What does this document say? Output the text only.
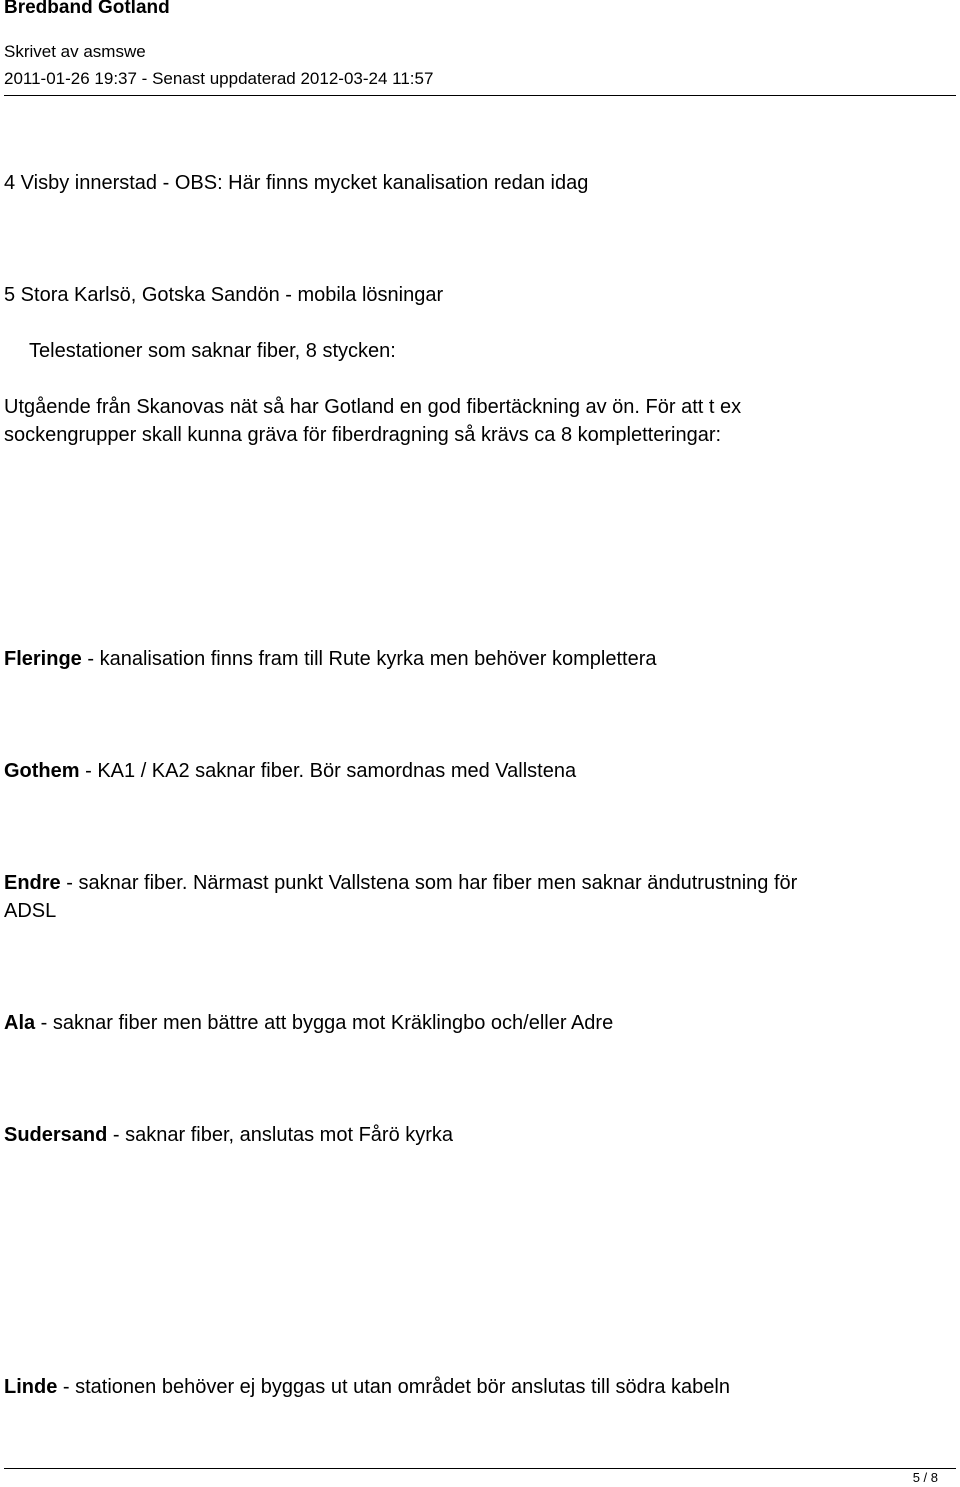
Bredband Gotland
Skrivet av asmswe
2011-01-26 19:37 - Senast uppdaterad 2012-03-24 11:57
4 Visby innerstad - OBS: Här finns mycket kanalisation redan idag
5 Stora Karlsö, Gotska Sandön - mobila lösningar
Telestationer som saknar fiber, 8 stycken:
Utgående från Skanovas nät så har Gotland en god fibertäckning av ön. För att t ex
sockengrupper skall kunna gräva för fiberdragning så krävs ca 8 kompletteringar:
Fleringe - kanalisation finns fram till Rute kyrka men behöver komplettera
Gothem - KA1 / KA2 saknar fiber. Bör samordnas med Vallstena
Endre - saknar fiber. Närmast punkt Vallstena som har fiber men saknar ändutrustning för
ADSL
Ala - saknar fiber men bättre att bygga mot Kräklingbo och/eller Adre
Sudersand - saknar fiber, anslutas mot Fårö kyrka
Linde - stationen behöver ej byggas ut utan området bör anslutas till södra kabeln
5 / 8
